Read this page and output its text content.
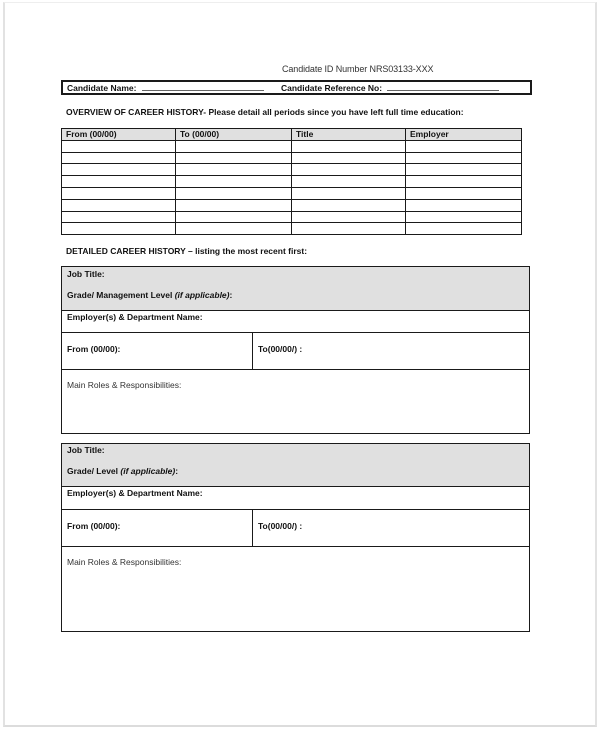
Candidate ID Number NRS03133-XXX
Candidate Name:	Candidate Reference No:
OVERVIEW OF CAREER HISTORY- Please detail all periods since you have left full time education:
From (00/00)	To (00/00)	Title	Employer

DETAILED CAREER HISTORY – listing the most recent first:
Job Title:
Grade/ Management Level (if applicable):
Employer(s) & Department Name:
From (00/00):	To(00/00/) :
Main Roles & Responsibilities:
Job Title:
Grade/ Level (if applicable):
Employer(s) & Department Name:
From (00/00):	To(00/00/) :
Main Roles & Responsibilities:
